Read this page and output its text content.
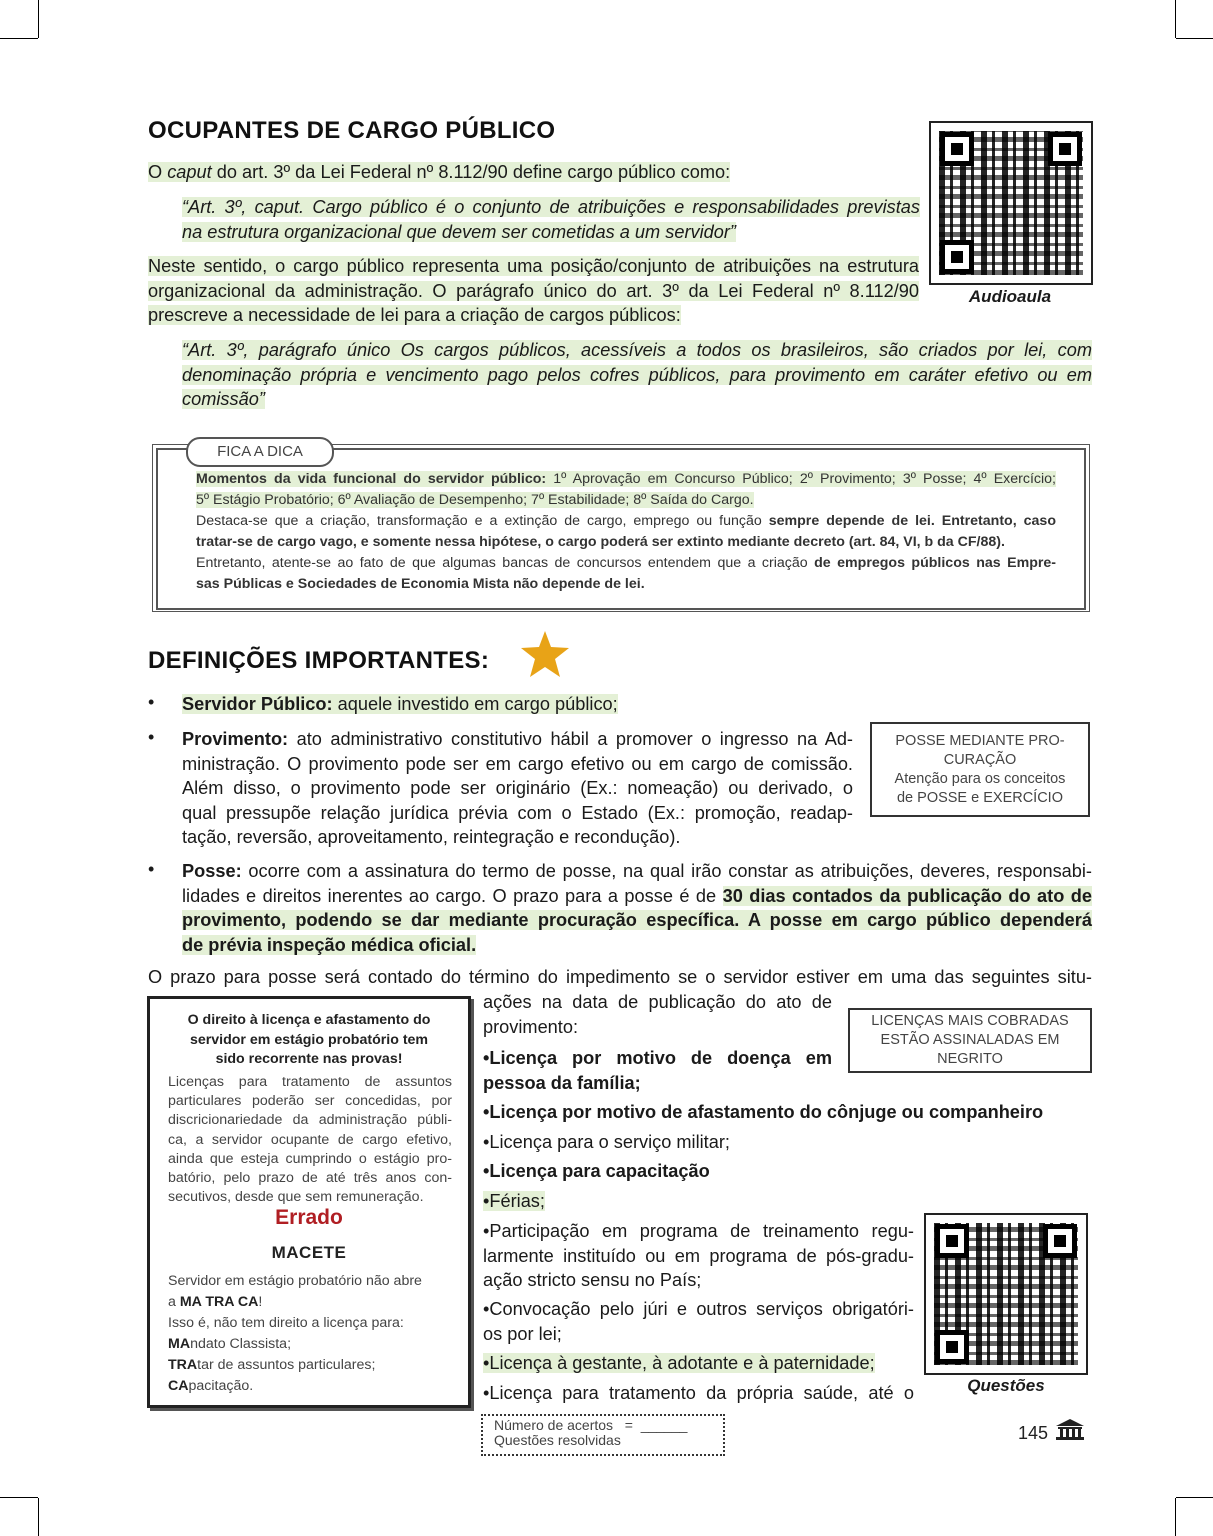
OCUPANTES DE CARGO PÚBLICO
O caput do art. 3º da Lei Federal nº 8.112/90 define cargo público como:
“Art. 3º, caput. Cargo público é o conjunto de atribuições e responsabilidades previstas
na estrutura organizacional que devem ser cometidas a um servidor”
Neste sentido, o cargo público representa uma posição/conjunto de atribuições na estrutura
organizacional da administração. O parágrafo único do art. 3º da Lei Federal nº 8.112/90
prescreve a necessidade de lei para a criação de cargos públicos:
“Art. 3º, parágrafo único Os cargos públicos, acessíveis a todos os brasileiros, são criados por lei, com
denominação própria e vencimento pago pelos cofres públicos, para provimento em caráter efetivo ou em
comissão”
Audioaula
FICA A DICA
Momentos da vida funcional do servidor público: 1º Aprovação em Concurso Público; 2º Provimento; 3º Posse; 4º Exercício;
5º Estágio Probatório; 6º Avaliação de Desempenho; 7º Estabilidade; 8º Saída do Cargo.
Destaca-se que a criação, transformação e a extinção de cargo, emprego ou função sempre depende de lei. Entretanto, caso
tratar-se de cargo vago, e somente nessa hipótese, o cargo poderá ser extinto mediante decreto (art. 84, VI, b da CF/88).
Entretanto, atente-se ao fato de que algumas bancas de concursos entendem que a criação de empregos públicos nas Empre-
sas Públicas e Sociedades de Economia Mista não depende de lei.
DEFINIÇÕES IMPORTANTES:
• Servidor Público: aquele investido em cargo público;
• Provimento: ato administrativo constitutivo hábil a promover o ingresso na Ad-
ministração. O provimento pode ser em cargo efetivo ou em cargo de comissão.
Além disso, o provimento pode ser originário (Ex.: nomeação) ou derivado, o
qual pressupõe relação jurídica prévia com o Estado (Ex.: promoção, readap-
tação, reversão, aproveitamento, reintegração e recondução).
POSSE MEDIANTE PRO-
CURAÇÃO
Atenção para os conceitos
de POSSE e EXERCÍCIO
• Posse: ocorre com a assinatura do termo de posse, na qual irão constar as atribuições, deveres, responsabi-
lidades e direitos inerentes ao cargo. O prazo para a posse é de 30 dias contados da publicação do ato de
provimento, podendo se dar mediante procuração específica. A posse em cargo público dependerá
de prévia inspeção médica oficial.
O prazo para posse será contado do término do impedimento se o servidor estiver em uma das seguintes situ-
ações na data de publicação do ato de
provimento:	LICENÇAS MAIS COBRADAS
ESTÃO ASSINALADAS EM
NEGRITO
•Licença por motivo de doença em
pessoa da família;
•Licença por motivo de afastamento do cônjuge ou companheiro
•Licença para o serviço militar;
•Licença para capacitação
•Férias;
•Participação em programa de treinamento regu-
larmente instituído ou em programa de pós-gradu-
ação stricto sensu no País;
•Convocação pelo júri e outros serviços obrigatóri-
os por lei;
•Licença à gestante, à adotante e à paternidade;
•Licença para tratamento da própria saúde, até o	Questões
O direito à licença e afastamento do
servidor em estágio probatório tem
sido recorrente nas provas!
Licenças para tratamento de assuntos
particulares poderão ser concedidas, por
discricionariedade da administração públi-
ca, a servidor ocupante de cargo efetivo,
ainda que esteja cumprindo o estágio pro-
batório, pelo prazo de até três anos con-
secutivos, desde que sem remuneração.
Errado
MACETE
Servidor em estágio probatório não abre
a MA TRA CA!
Isso é, não tem direito a licença para:
MAndato Classista;
TRAtar de assuntos particulares;
CApacitação.
Número de acertos = ______
Questões resolvidas	145
